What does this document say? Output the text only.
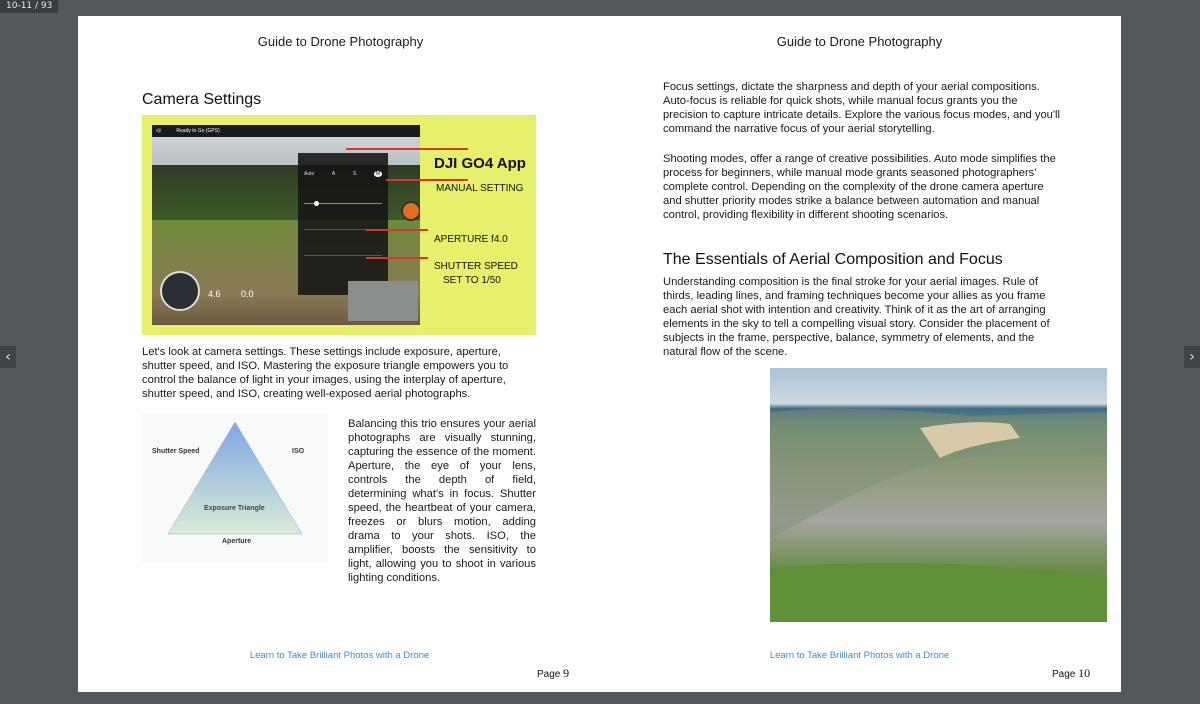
10-11 / 93
‹	›
Guide to Drone Photography
Camera Settings
dji	Ready to Go (GPS)
Auto	A	S	M
4.6 0.0
DJI GO4 App
MANUAL SETTING
APERTURE f4.0
SHUTTER SPEED
SET TO 1/50

Let's look at camera settings. These settings include exposure, aperture, shutter speed, and ISO. Mastering the exposure triangle empowers you to control the balance of light in your images, using the interplay of aperture, shutter speed, and ISO, creating well-exposed aerial photographs.

Shutter Speed	ISO
Exposure Triangle
Aperture

Balancing this trio ensures your aerial photographs are visually stunning, capturing the essence of the moment. Aperture, the eye of your lens, controls the depth of field, determining what's in focus. Shutter speed, the heartbeat of your camera, freezes or blurs motion, adding drama to your shots. ISO, the amplifier, boosts the sensitivity to light, allowing you to shoot in various lighting conditions.

Learn to Take Brilliant Photos with a Drone
Page 9
Guide to Drone Photography

Focus settings, dictate the sharpness and depth of your aerial compositions. Auto-focus is reliable for quick shots, while manual focus grants you the precision to capture intricate details. Explore the various focus modes, and you'll command the narrative focus of your aerial storytelling.

Shooting modes, offer a range of creative possibilities. Auto mode simplifies the process for beginners, while manual mode grants seasoned photographers' complete control. Depending on the complexity of the drone camera aperture and shutter priority modes strike a balance between automation and manual control, providing flexibility in different shooting scenarios.

The Essentials of Aerial Composition and Focus

Understanding composition is the final stroke for your aerial images. Rule of thirds, leading lines, and framing techniques become your allies as you frame each aerial shot with intention and creativity. Think of it as the art of arranging elements in the sky to tell a compelling visual story. Consider the placement of subjects in the frame, perspective, balance, symmetry of elements, and the natural flow of the scene.

Learn to Take Brilliant Photos with a Drone
Page 10
